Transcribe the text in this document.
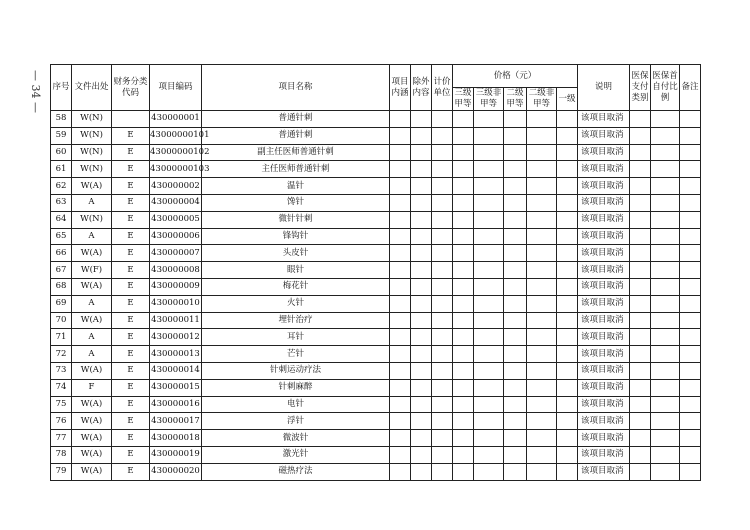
— 34 — 序号	文件出处	财务分类代码	项目编码	项目名称	项目内涵	除外内容	计价单位	价格（元）					说明	医保支付类别	医保首自付比例	备注
								三级甲等	三级非甲等	二级甲等	二级非甲等	一级				
58	W(N)		430000001	普通针刺									该项目取消			
59	W(N)	E	43000000101	普通针刺									该项目取消			
60	W(N)	E	43000000102	副主任医师普通针刺									该项目取消			
61	W(N)	E	43000000103	主任医师普通针刺									该项目取消			
62	W(A)	E	430000002	温针									该项目取消			
63	A	E	430000004	馋针									该项目取消			
64	W(N)	E	430000005	微针针刺									该项目取消			
65	A	E	430000006	锋钩针									该项目取消			
66	W(A)	E	430000007	头皮针									该项目取消			
67	W(F)	E	430000008	眼针									该项目取消			
68	W(A)	E	430000009	梅花针									该项目取消			
69	A	E	430000010	火针									该项目取消			
70	W(A)	E	430000011	埋针治疗									该项目取消			
71	A	E	430000012	耳针									该项目取消			
72	A	E	430000013	芒针									该项目取消			
73	W(A)	E	430000014	针刺运动疗法									该项目取消			
74	F	E	430000015	针刺麻醉									该项目取消			
75	W(A)	E	430000016	电针									该项目取消			
76	W(A)	E	430000017	浮针									该项目取消			
77	W(A)	E	430000018	微波针									该项目取消			
78	W(A)	E	430000019	激光针									该项目取消			
79	W(A)	E	430000020	磁热疗法									该项目取消			
